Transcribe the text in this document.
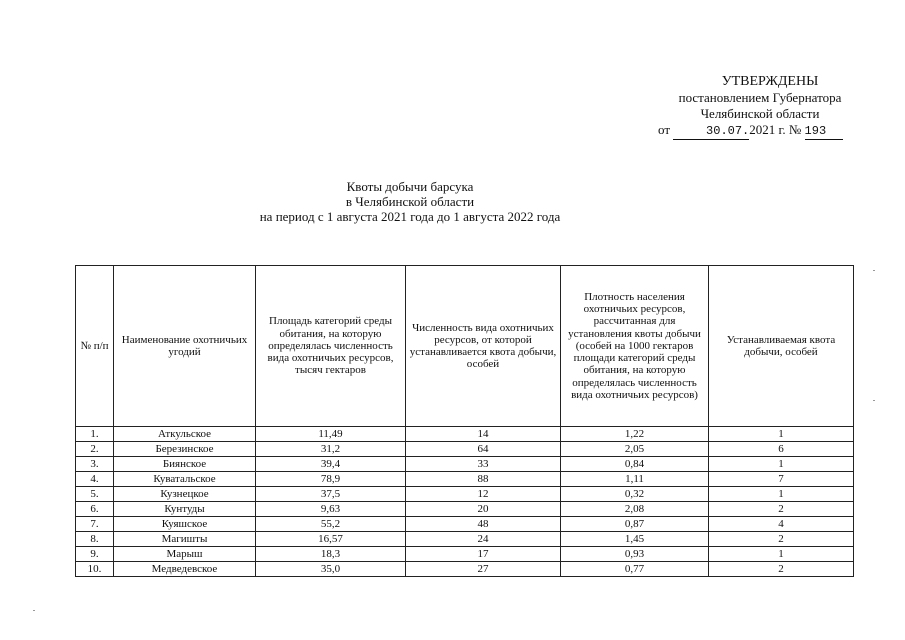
УТВЕРЖДЕНЫ
постановлением Губернатора
Челябинской области
от	30.07.2021 г. № 193
Квоты добычи барсука
в Челябинской области
на период с 1 августа 2021 года до 1 августа 2022 года
№ п/п	Наименование охотничьих угодий	Площадь категорий среды обитания, на которую определялась численность вида охотничьих ресурсов, тысяч гектаров	Численность вида охотничьих ресурсов, от которой устанавливается квота добычи, особей	Плотность населения охотничьих ресурсов, рассчитанная для установления квоты добычи (особей на 1000 гектаров площади категорий среды обитания, на которую определялась численность вида охотничьих ресурсов)	Устанавливаемая квота добычи, особей
1.	Аткульское	11,49	14	1,22	1
2.	Березинское	31,2	64	2,05	6
3.	Биянское	39,4	33	0,84	1
4.	Куватальское	78,9	88	1,11	7
5.	Кузнецкое	37,5	12	0,32	1
6.	Кунтуды	9,63	20	2,08	2
7.	Куяшское	55,2	48	0,87	4
8.	Магишты	16,57	24	1,45	2
9.	Марыш	18,3	17	0,93	1
10.	Медведевское	35,0	27	0,77	2
